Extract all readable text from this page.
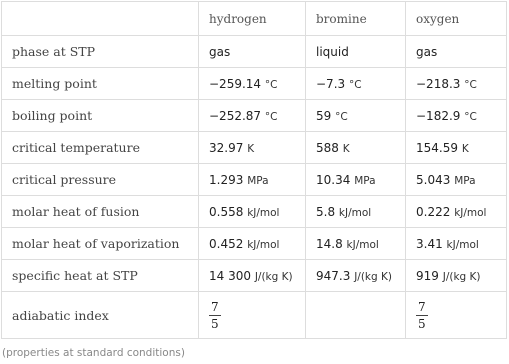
	hydrogen	bromine	oxygen
phase at STP	gas	liquid	gas
melting point	−259.14 °C	−7.3 °C	−218.3 °C
boiling point	−252.87 °C	59 °C	−182.9 °C
critical temperature	32.97 K	588 K	154.59 K
critical pressure	1.293 MPa	10.34 MPa	5.043 MPa
molar heat of fusion	0.558 kJ/mol	5.8 kJ/mol	0.222 kJ/mol
molar heat of vaporization	0.452 kJ/mol	14.8 kJ/mol	3.41 kJ/mol
specific heat at STP	14 300 J/(kg K)	947.3 J/(kg K)	919 J/(kg K)
adiabatic index	$\frac{7}{5}$		$\frac{7}{5}$
(properties at standard conditions)
